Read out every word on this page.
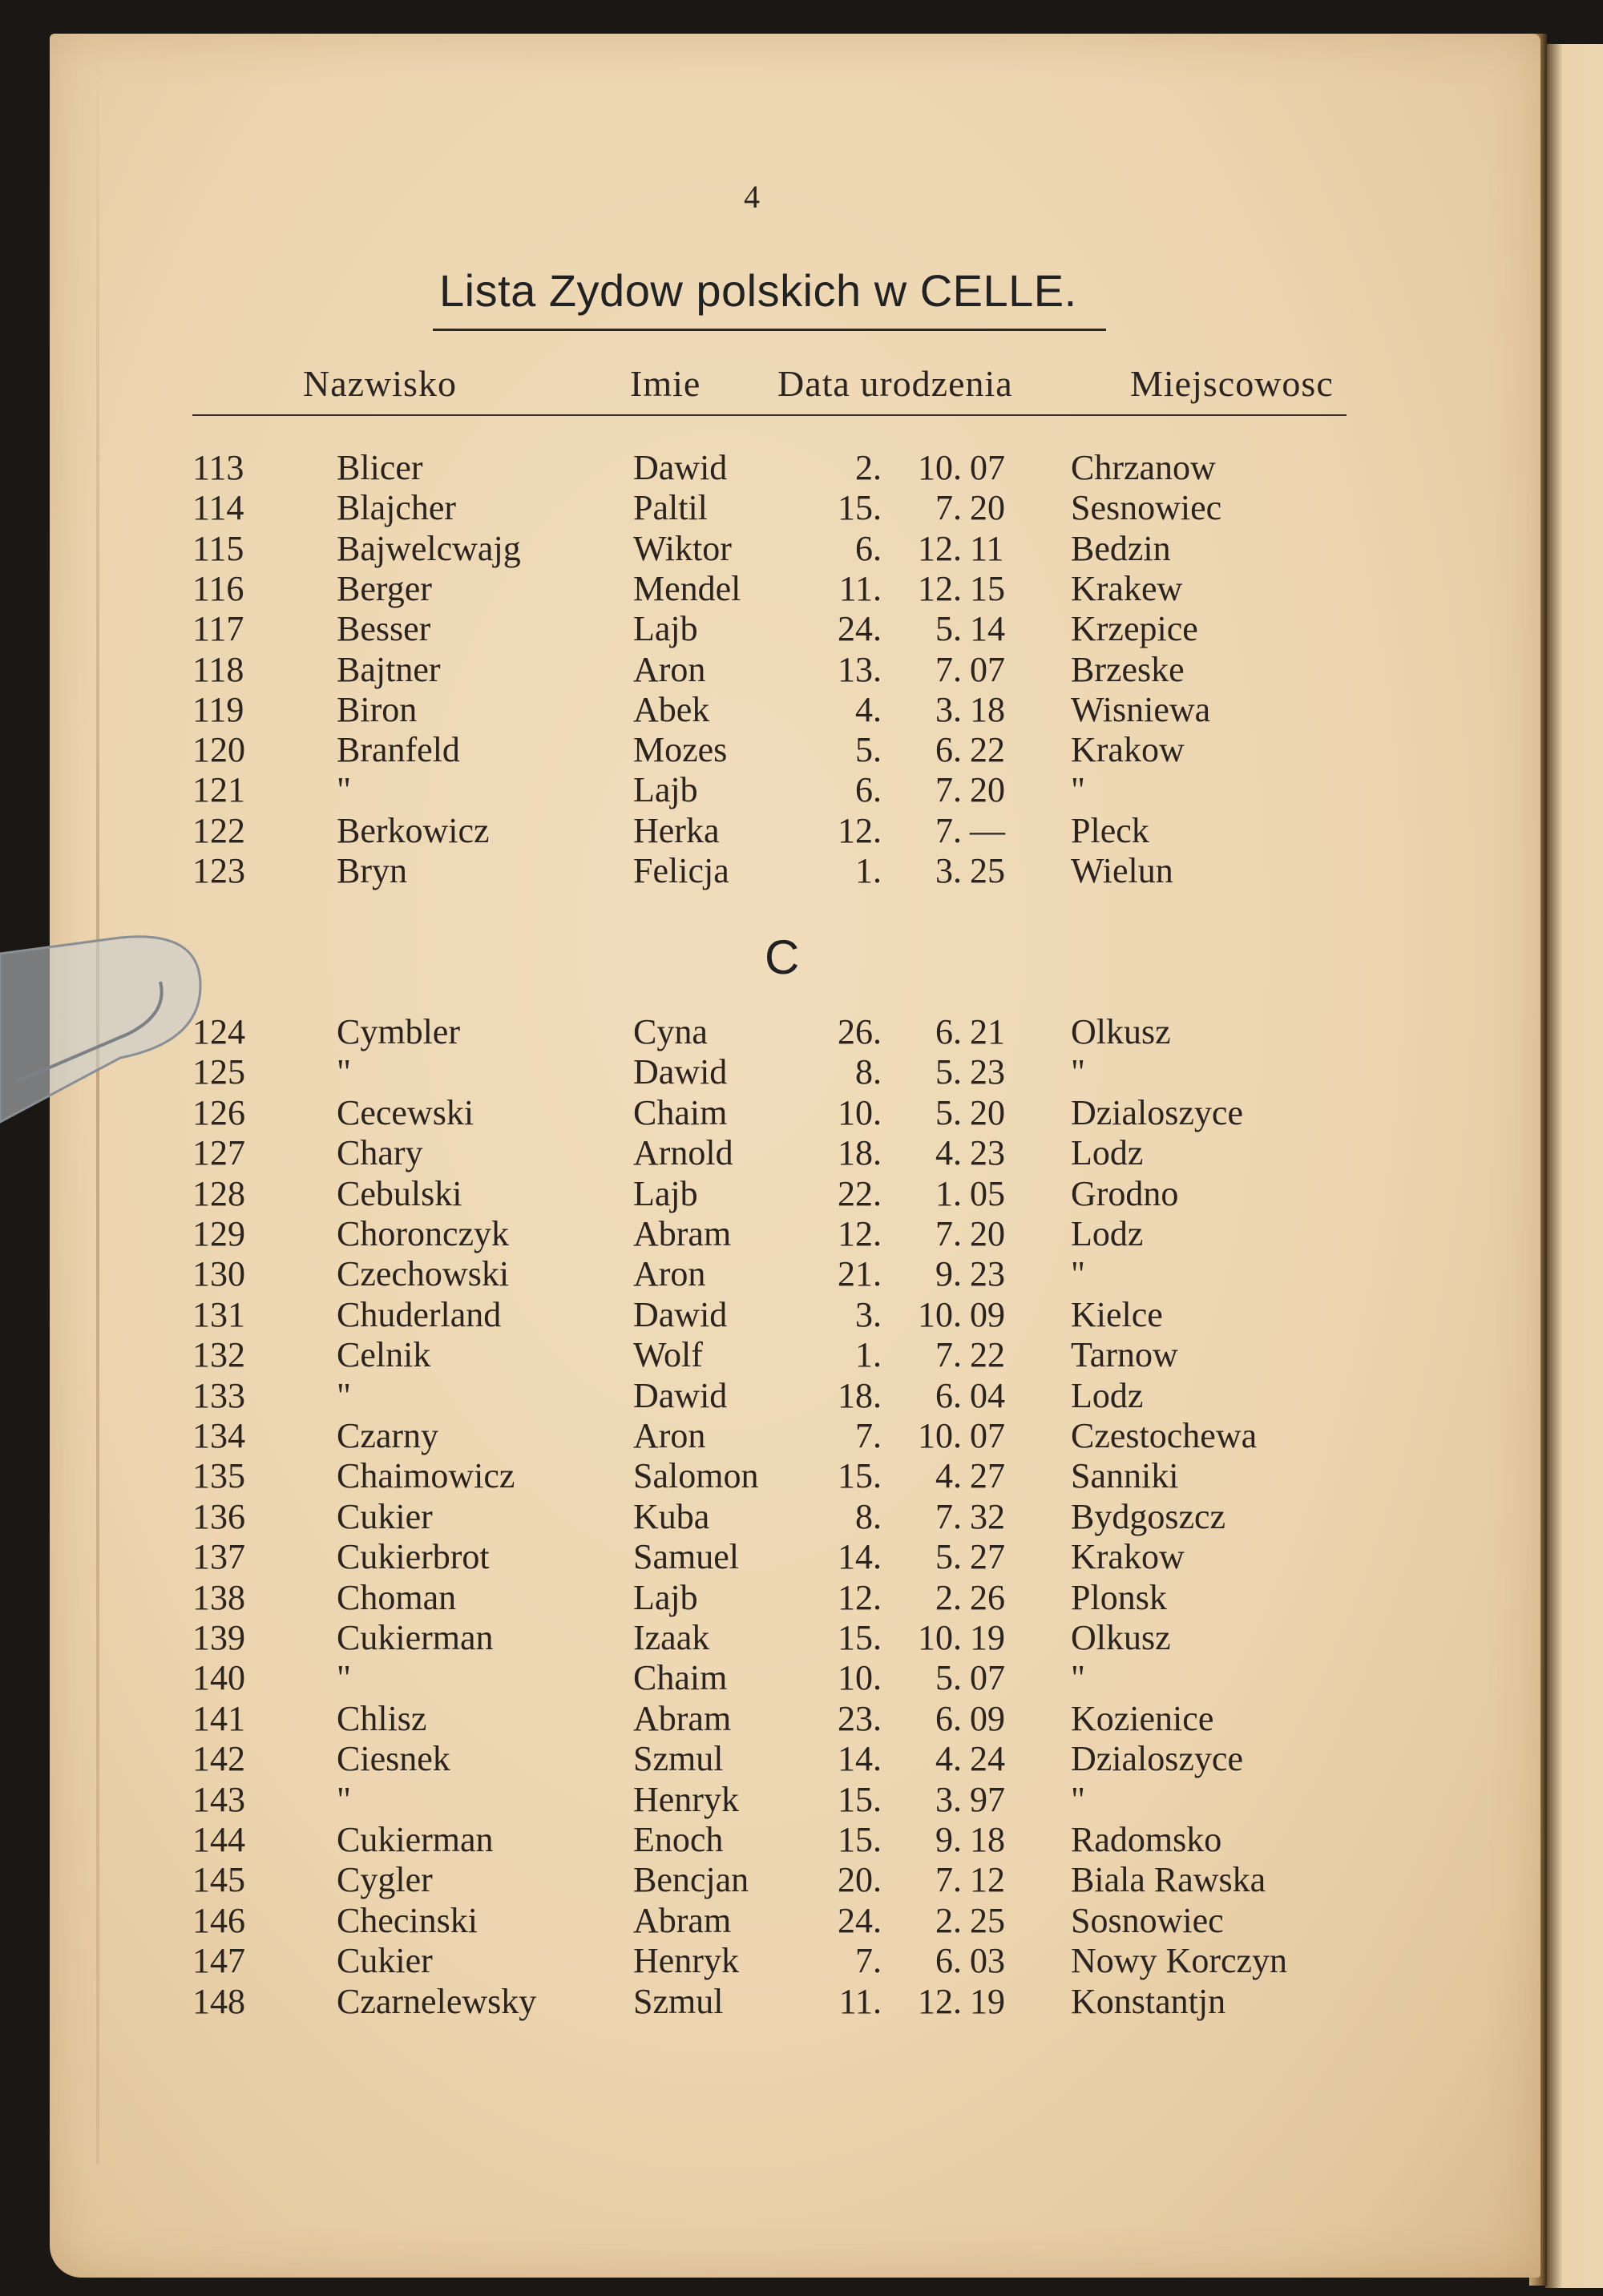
4
Lista Zydow polskich w CELLE.
Nazwisko	Imie Data urodzenia	Miejscowosc
C
113	Blicer	Dawid	2.	10. 07 Chrzanow
114	Blajcher	Paltil	15.	7. 20 Sesnowiec
115	Bajwelcwajg	Wiktor	6.	12. 11 Bedzin
116	Berger	Mendel	11.	12. 15 Krakew
117	Besser	Lajb	24.	5. 14 Krzepice
118	Bajtner	Aron	13.	7. 07 Brzeske
119	Biron	Abek	4.	3. 18 Wisniewa
120	Branfeld	Mozes	5.	6. 22 Krakow
121	"	Lajb	6.	7. 20 "
122	Berkowicz	Herka	12.	7. — Pleck
123	Bryn	Felicja	1.	3. 25 Wielun
124	Cymbler	Cyna	26.	6. 21 Olkusz
125	"	Dawid	8.	5. 23 "
126	Cecewski	Chaim	10.	5. 20 Dzialoszyce
127	Chary	Arnold	18.	4. 23 Lodz
128	Cebulski	Lajb	22.	1. 05 Grodno
129	Choronczyk	Abram	12.	7. 20 Lodz
130	Czechowski	Aron	21.	9. 23 "
131	Chuderland	Dawid	3.	10. 09 Kielce
132	Celnik	Wolf	1.	7. 22 Tarnow
133	"	Dawid	18.	6. 04 Lodz
134	Czarny	Aron	7.	10. 07 Czestochewa
135	Chaimowicz	Salomon	15.	4. 27 Sanniki
136	Cukier	Kuba	8.	7. 32 Bydgoszcz
137	Cukierbrot	Samuel	14.	5. 27 Krakow
138	Choman	Lajb	12.	2. 26 Plonsk
139	Cukierman	Izaak	15.	10. 19 Olkusz
140	"	Chaim	10.	5. 07 "
141	Chlisz	Abram	23.	6. 09 Kozienice
142	Ciesnek	Szmul	14.	4. 24 Dzialoszyce
143	"	Henryk	15.	3. 97 "
144	Cukierman	Enoch	15.	9. 18 Radomsko
145	Cygler	Bencjan	20.	7. 12 Biala Rawska
146	Checinski	Abram	24.	2. 25 Sosnowiec
147	Cukier	Henryk	7.	6. 03 Nowy Korczyn
148	Czarnelewsky	Szmul	11.	12. 19 Konstantjn
